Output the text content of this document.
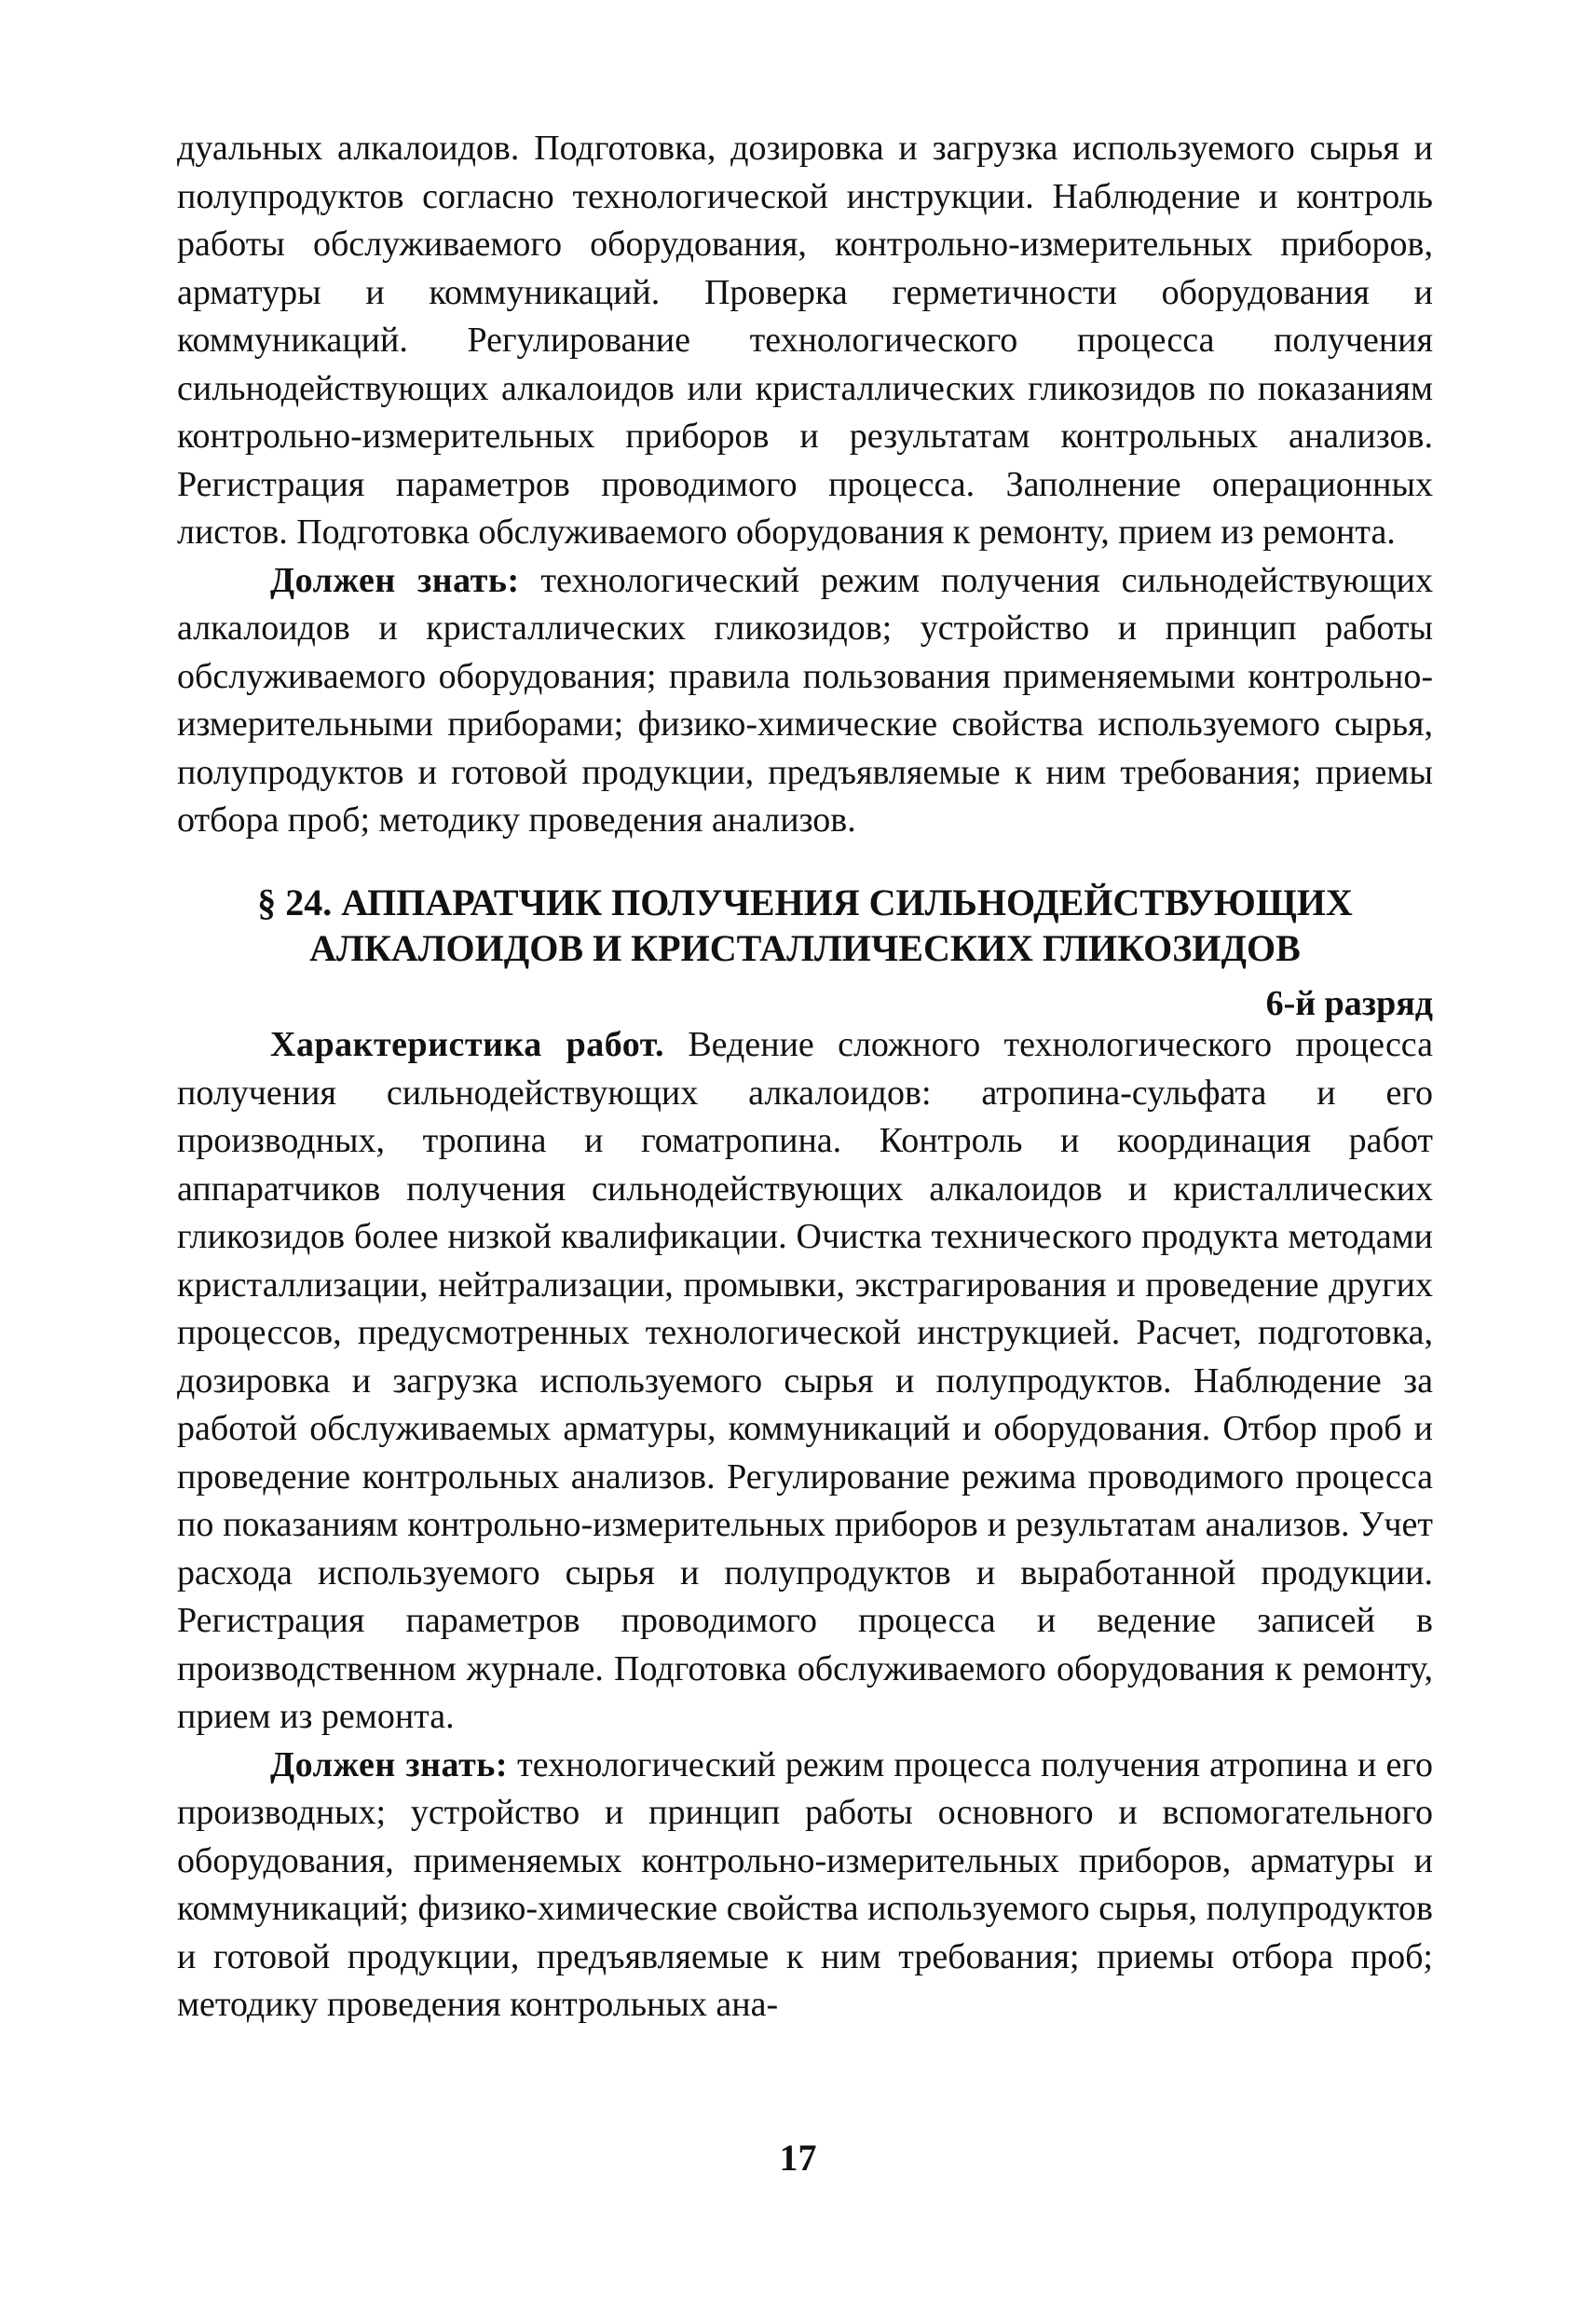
дуальных алкалоидов. Подготовка, дозировка и загрузка используемого сырья и полупродуктов согласно технологической инструкции. Наблюдение и контроль работы обслуживаемого оборудования, контрольно-измерительных приборов, арматуры и коммуникаций. Проверка герметичности оборудования и коммуникаций. Регулирование технологического процесса получения сильнодействующих алкалоидов или кристаллических гликозидов по показаниям контрольно-измерительных приборов и результатам контрольных анализов. Регистрация параметров проводимого процесса. Заполнение операционных листов. Подготовка обслуживаемого оборудования к ремонту, прием из ремонта.

Должен знать: технологический режим получения сильнодействующих алкалоидов и кристаллических гликозидов; устройство и принцип работы обслуживаемого оборудования; правила пользования применяемыми контрольно-измерительными приборами; физико-химические свойства используемого сырья, полупродуктов и готовой продукции, предъявляемые к ним требования; приемы отбора проб; методику проведения анализов.

§ 24. АППАРАТЧИК ПОЛУЧЕНИЯ СИЛЬНОДЕЙСТВУЮЩИХ
АЛКАЛОИДОВ И КРИСТАЛЛИЧЕСКИХ ГЛИКОЗИДОВ
6-й разряд

Характеристика работ. Ведение сложного технологического процесса получения сильнодействующих алкалоидов: атропина-сульфата и его производных, тропина и гоматропина. Контроль и координация работ аппаратчиков получения сильнодействующих алкалоидов и кристаллических гликозидов более низкой квалификации. Очистка технического продукта методами кристаллизации, нейтрализации, промывки, экстрагирования и проведение других процессов, предусмотренных технологической инструкцией. Расчет, подготовка, дозировка и загрузка используемого сырья и полупродуктов. Наблюдение за работой обслуживаемых арматуры, коммуникаций и оборудования. Отбор проб и проведение контрольных анализов. Регулирование режима проводимого процесса по показаниям контрольно-измерительных приборов и результатам анализов. Учет расхода используемого сырья и полупродуктов и выработанной продукции. Регистрация параметров проводимого процесса и ведение записей в производственном журнале. Подготовка обслуживаемого оборудования к ремонту, прием из ремонта.

Должен знать: технологический режим процесса получения атропина и его производных; устройство и принцип работы основного и вспомогательного оборудования, применяемых контрольно-измерительных приборов, арматуры и коммуникаций; физико-химические свойства используемого сырья, полупродуктов и готовой продукции, предъявляемые к ним требования; приемы отбора проб; методику проведения контрольных ана-

17
